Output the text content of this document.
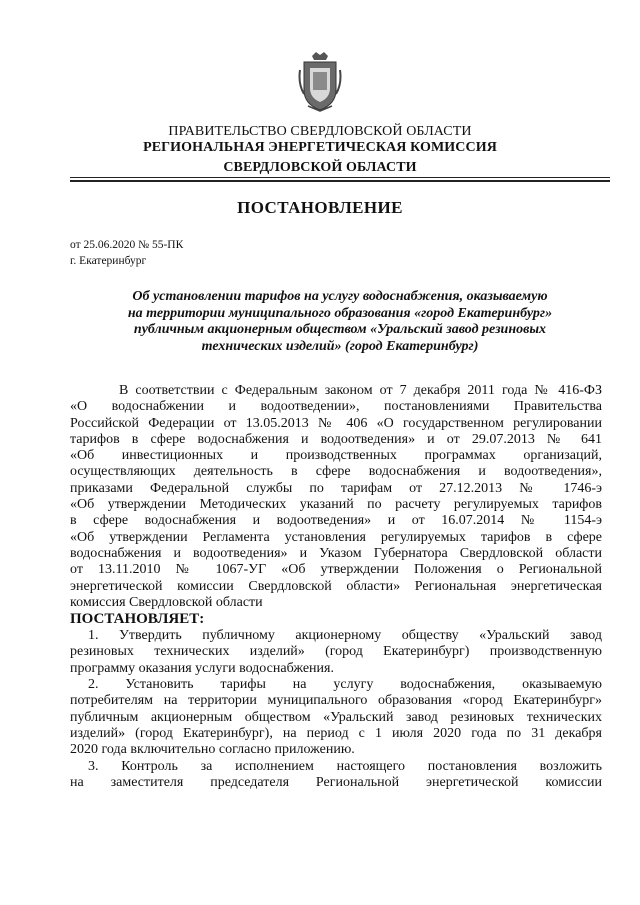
ПРАВИТЕЛЬСТВО СВЕРДЛОВСКОЙ ОБЛАСТИ
РЕГИОНАЛЬНАЯ ЭНЕРГЕТИЧЕСКАЯ КОМИССИЯ
СВЕРДЛОВСКОЙ ОБЛАСТИ
ПОСТАНОВЛЕНИЕ
от 25.06.2020 № 55-ПК
г. Екатеринбург
Об установлении тарифов на услугу водоснабжения, оказываемую
на территории муниципального образования «город Екатеринбург»
публичным акционерным обществом «Уральский завод резиновых
технических изделий» (город Екатеринбург)

В соответствии с Федеральным законом от 7 декабря 2011 года № 416-ФЗ

«О водоснабжении и водоотведении», постановлениями Правительства

Российской Федерации от 13.05.2013 № 406 «О государственном регулировании

тарифов в сфере водоснабжения и водоотведения» и от 29.07.2013 № 641

«Об инвестиционных и производственных программах организаций,

осуществляющих деятельность в сфере водоснабжения и водоотведения»,

приказами Федеральной службы по тарифам от 27.12.2013 № 1746-э

«Об утверждении Методических указаний по расчету регулируемых тарифов

в сфере водоснабжения и водоотведения» и от 16.07.2014 № 1154-э

«Об утверждении Регламента установления регулируемых тарифов в сфере

водоснабжения и водоотведения» и Указом Губернатора Свердловской области

от 13.11.2010 № 1067-УГ «Об утверждении Положения о Региональной

энергетической комиссии Свердловской области» Региональная энергетическая

комиссия Свердловской области

ПОСТАНОВЛЯЕТ:

1. Утвердить публичному акционерному обществу «Уральский завод

резиновых технических изделий» (город Екатеринбург) производственную

программу оказания услуги водоснабжения.

2. Установить тарифы на услугу водоснабжения, оказываемую

потребителям на территории муниципального образования «город Екатеринбург»

публичным акционерным обществом «Уральский завод резиновых технических

изделий» (город Екатеринбург), на период с 1 июля 2020 года по 31 декабря

2020 года включительно согласно приложению.

3. Контроль за исполнением настоящего постановления возложить

на заместителя председателя Региональной энергетической комиссии
